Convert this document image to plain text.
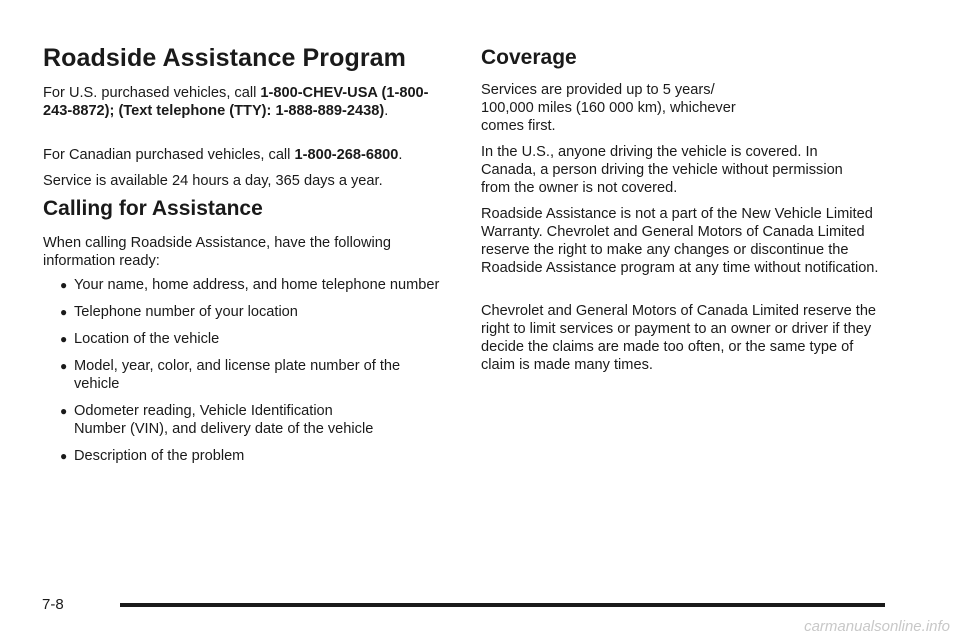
Roadside Assistance Program

For U.S. purchased vehicles, call 1-800-CHEV-USA (1-800-243-8872); (Text telephone (TTY): 1-888-889-2438).

For Canadian purchased vehicles, call 1-800-268-6800.

Service is available 24 hours a day, 365 days a year.

Calling for Assistance

When calling Roadside Assistance, have the following information ready:

● Your name, home address, and home telephone number
● Telephone number of your location
● Location of the vehicle
● Model, year, color, and license plate number of the vehicle
● Odometer reading, Vehicle Identification Number (VIN), and delivery date of the vehicle
● Description of the problem
Coverage

Services are provided up to 5 years/ 100,000 miles (160 000 km), whichever comes first.

In the U.S., anyone driving the vehicle is covered. In Canada, a person driving the vehicle without permission from the owner is not covered.

Roadside Assistance is not a part of the New Vehicle Limited Warranty. Chevrolet and General Motors of Canada Limited reserve the right to make any changes or discontinue the Roadside Assistance program at any time without notification.

Chevrolet and General Motors of Canada Limited reserve the right to limit services or payment to an owner or driver if they decide the claims are made too often, or the same type of claim is made many times.

7-8
carmanualsonline.info
